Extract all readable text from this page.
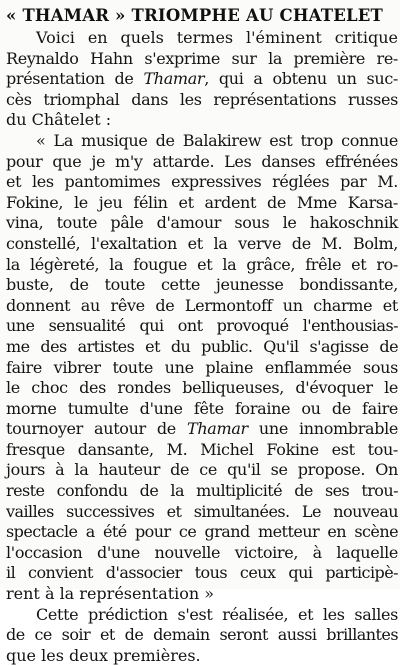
« THAMAR » TRIOMPHE AU CHATELET
Voici en quels termes l'éminent critique
Reynaldo Hahn s'exprime sur la première re-
présentation de Thamar, qui a obtenu un suc-
cès triomphal dans les représentations russes
du Châtelet :
« La musique de Balakirew est trop connue
pour que je m'y attarde. Les danses effrénées
et les pantomimes expressives réglées par M.
Fokine, le jeu félin et ardent de Mme Karsa-
vina, toute pâle d'amour sous le hakoschnik
constellé, l'exaltation et la verve de M. Bolm,
la légèreté, la fougue et la grâce, frêle et ro-
buste, de toute cette jeunesse bondissante,
donnent au rêve de Lermontoff un charme et
une sensualité qui ont provoqué l'enthousias-
me des artistes et du public. Qu'il s'agisse de
faire vibrer toute une plaine enflammée sous
le choc des rondes belliqueuses, d'évoquer le
morne tumulte d'une fête foraine ou de faire
tournoyer autour de Thamar une innombrable
fresque dansante, M. Michel Fokine est tou-
jours à la hauteur de ce qu'il se propose. On
reste confondu de la multiplicité de ses trou-
vailles successives et simultanées. Le nouveau
spectacle a été pour ce grand metteur en scène
l'occasion d'une nouvelle victoire, à laquelle
il convient d'associer tous ceux qui participè-
rent à la représentation »
Cette prédiction s'est réalisée, et les salles
de ce soir et de demain seront aussi brillantes
que les deux premières.
